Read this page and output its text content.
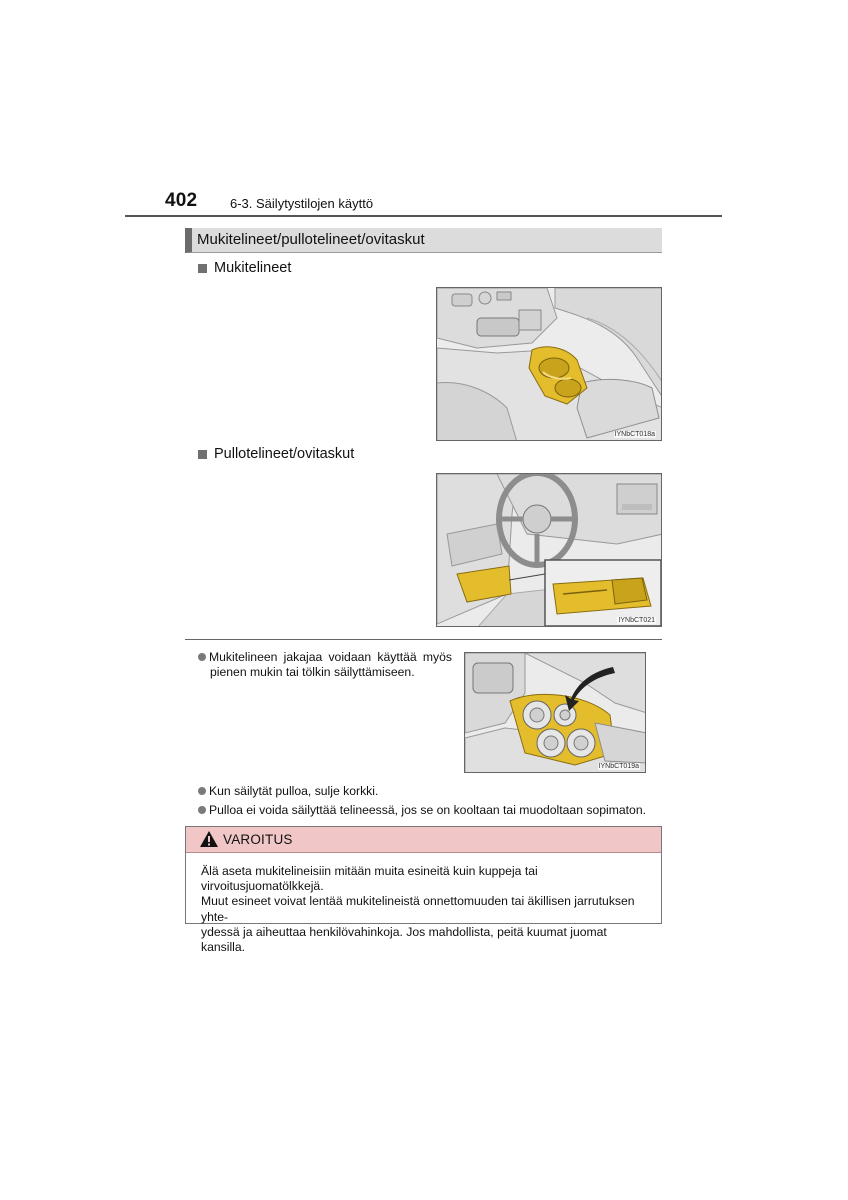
402	6-3. Säilytystilojen käyttö
Mukitelineet/pullotelineet/ovitaskut
Mukitelineet
IYNbCT018a
Pullotelineet/ovitaskut
IYNbCT021
Mukitelineen jakajaa voidaan käyttää myös
pienen mukin tai tölkin säilyttämiseen.
IYNbCT019a
Kun säilytät pulloa, sulje korkki.
Pulloa ei voida säilyttää telineessä, jos se on kooltaan tai muodoltaan sopimaton.
VAROITUS
Älä aseta mukitelineisiin mitään muita esineitä kuin kuppeja tai virvoitusjuomatölkkejä.
Muut esineet voivat lentää mukitelineistä onnettomuuden tai äkillisen jarrutuksen yhte-
ydessä ja aiheuttaa henkilövahinkoja. Jos mahdollista, peitä kuumat juomat kansilla.
